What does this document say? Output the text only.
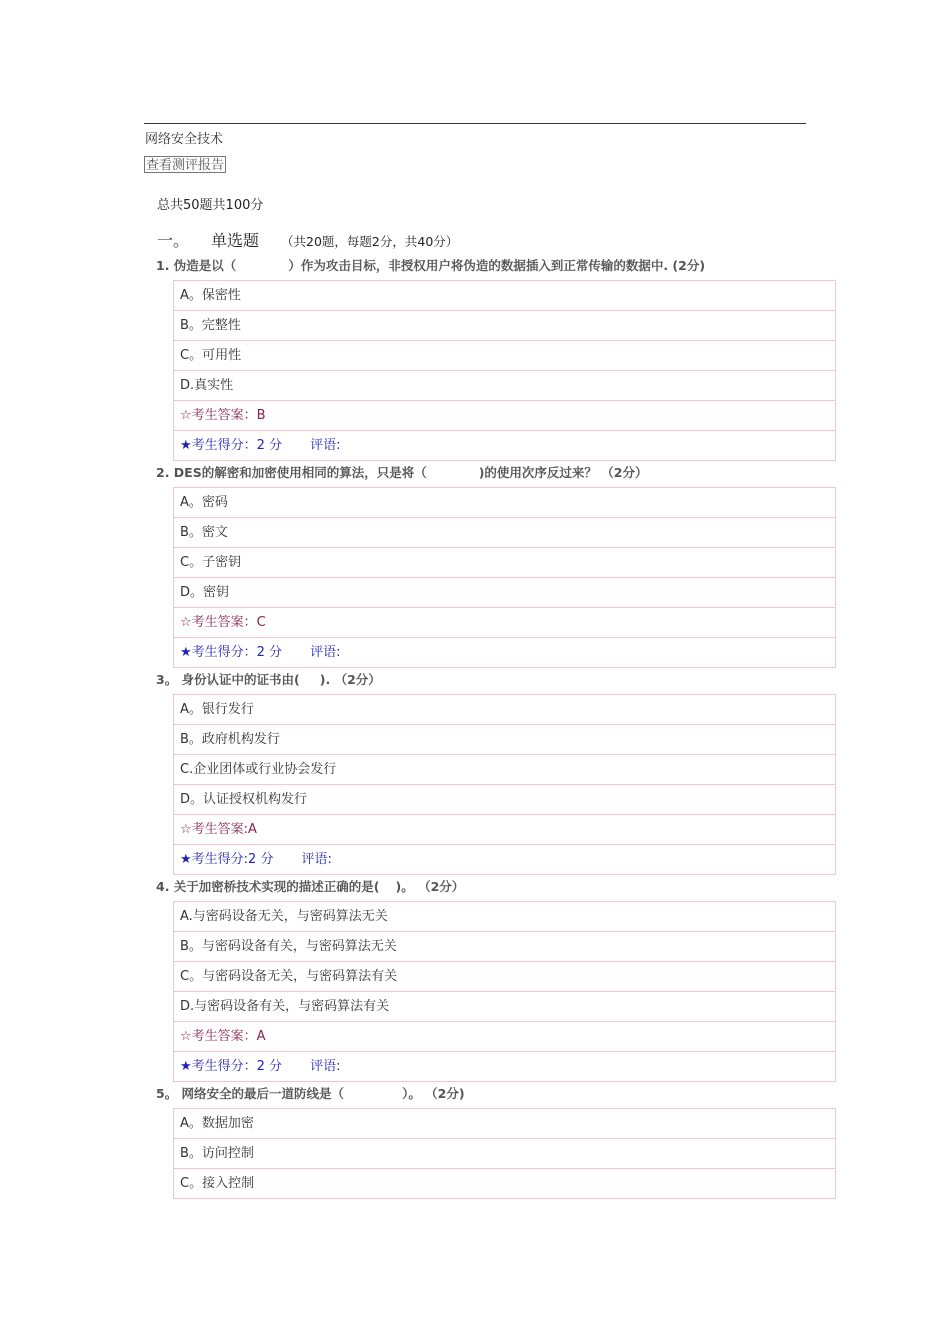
网络安全技术
查看测评报告
总共50题共100分
一。 单选题 （共20题，每题2分，共40分）
1. 伪造是以（	）作为攻击目标，非授权用户将伪造的数据插入到正常传输的数据中. (2分)
A。保密性
B。完整性
C。可用性
D.真实性
☆考生答案：B
★考生得分：2 分 评语:
2. DES的解密和加密使用相同的算法，只是将（	)的使用次序反过来？ （2分）
A。密码
B。密文
C。子密钥
D。密钥
☆考生答案：C
★考生得分：2 分 评语:
3。 身份认证中的证书由( ). （2分）
A。银行发行
B。政府机构发行
C.企业团体或行业协会发行
D。认证授权机构发行
☆考生答案:A
★考生得分:2 分 评语:
4. 关于加密桥技术实现的描述正确的是( )。 （2分）
A.与密码设备无关，与密码算法无关
B。与密码设备有关，与密码算法无关
C。与密码设备无关，与密码算法有关
D.与密码设备有关，与密码算法有关
☆考生答案：A
★考生得分：2 分 评语:
5。 网络安全的最后一道防线是（	）。 （2分)
A。数据加密
B。访问控制
C。接入控制
